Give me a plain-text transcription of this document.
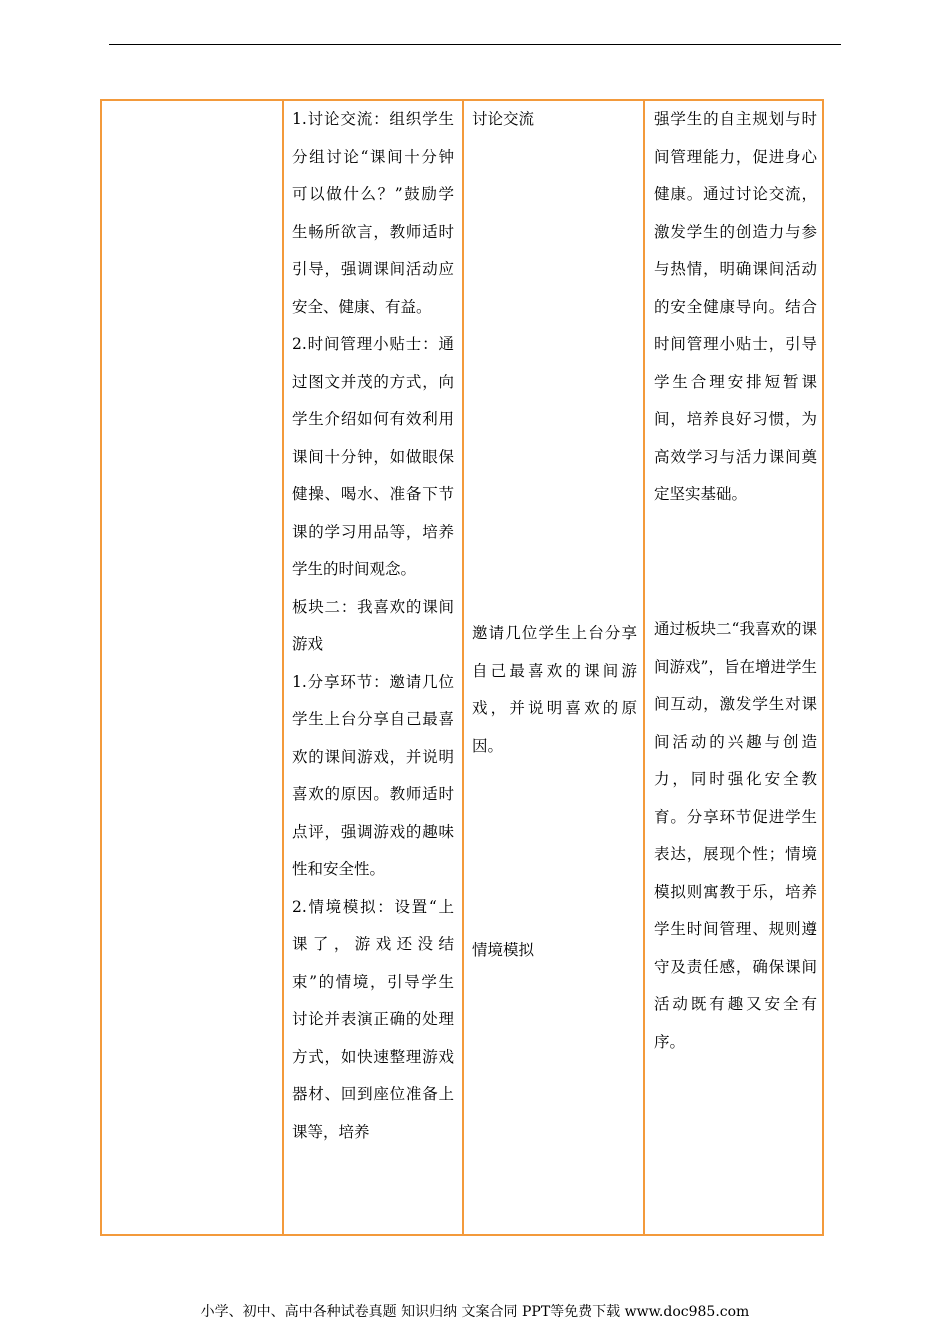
1.讨论交流：组织学生分组讨论“课间十分钟可以做什么？”鼓励学生畅所欲言，教师适时引导，强调课间活动应安全、健康、有益。

2.时间管理小贴士：通过图文并茂的方式，向学生介绍如何有效利用课间十分钟，如做眼保健操、喝水、准备下节课的学习用品等，培养学生的时间观念。

板块二：我喜欢的课间游戏

1.分享环节：邀请几位学生上台分享自己最喜欢的课间游戏，并说明喜欢的原因。教师适时点评，强调游戏的趣味性和安全性。

2.情境模拟：设置“上课了，游戏还没结束”的情境，引导学生讨论并表演正确的处理方式，如快速整理游戏器材、回到座位准备上课等，培养

讨论交流
邀请几位学生上台分享自己最喜欢的课间游戏，并说明喜欢的原因。
情境模拟
强学生的自主规划与时间管理能力，促进身心健康。通过讨论交流，激发学生的创造力与参与热情，明确课间活动的安全健康导向。结合时间管理小贴士，引导学生合理安排短暂课间，培养良好习惯，为高效学习与活力课间奠定坚实基础。
通过板块二“我喜欢的课间游戏”，旨在增进学生间互动，激发学生对课间活动的兴趣与创造力，同时强化安全教育。分享环节促进学生表达，展现个性；情境模拟则寓教于乐，培养学生时间管理、规则遵守及责任感，确保课间活动既有趣又安全有序。
小学、初中、高中各种试卷真题 知识归纳 文案合同 PPT等免费下载 www.doc985.com
